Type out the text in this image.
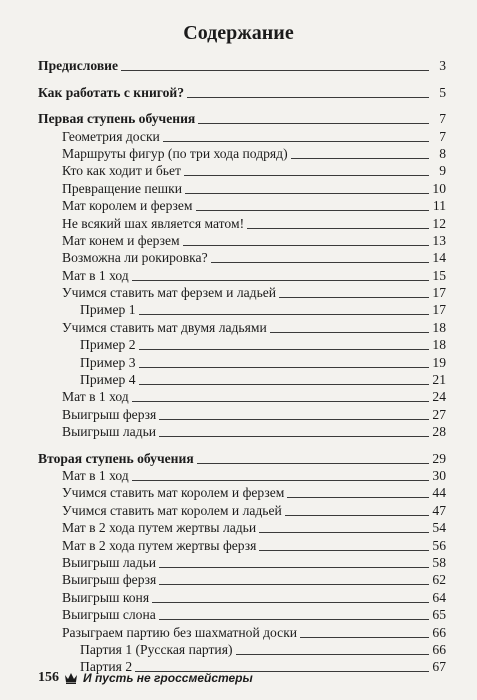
Содержание
Предисловие	3
Как работать с книгой?	5
Первая ступень обучения	7
Геометрия доски	7
Маршруты фигур (по три хода подряд)	8
Кто как ходит и бьет	9
Превращение пешки	10
Мат королем и ферзем	11
Не всякий шах является матом!	12
Мат конем и ферзем	13
Возможна ли рокировка?	14
Мат в 1 ход	15
Учимся ставить мат ферзем и ладьей	17
Пример 1	17
Учимся ставить мат двумя ладьями	18
Пример 2	18
Пример 3	19
Пример 4	21
Мат в 1 ход	24
Выигрыш ферзя	27
Выигрыш ладьи	28
Вторая ступень обучения	29
Мат в 1 ход	30
Учимся ставить мат королем и ферзем	44
Учимся ставить мат королем и ладьей	47
Мат в 2 хода путем жертвы ладьи	54
Мат в 2 хода путем жертвы ферзя	56
Выигрыш ладьи	58
Выигрыш ферзя	62
Выигрыш коня	64
Выигрыш слона	65
Разыграем партию без шахматной доски	66
Партия 1 (Русская партия)	66
Партия 2	67
156 И пусть не гроссмейстеры
